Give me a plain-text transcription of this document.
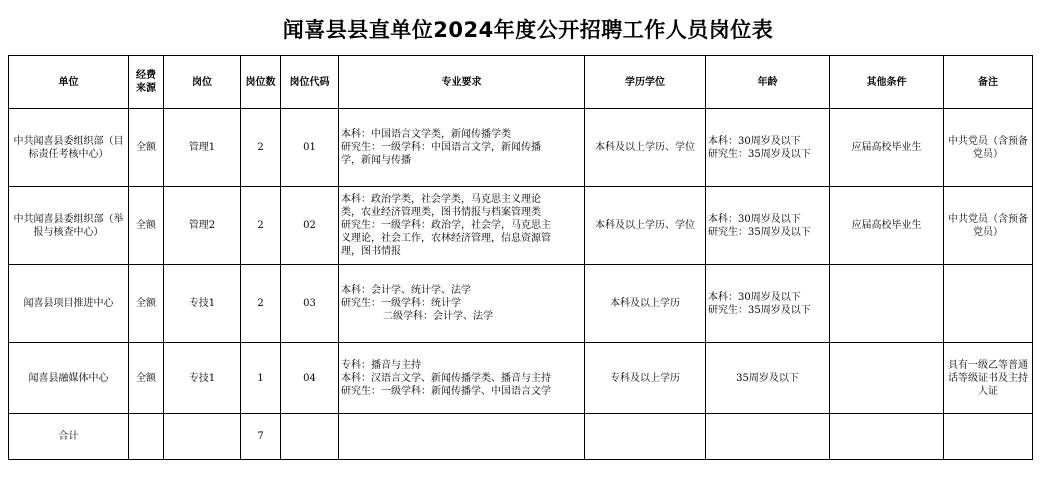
闻喜县县直单位2024年度公开招聘工作人员岗位表
单位	经费来源	岗位	岗位数	岗位代码	专业要求	学历学位	年龄	其他条件	备注
中共闻喜县委组织部（目标责任考核中心）	全额	管理1	2	01	本科：中国语言文学类，新闻传播学类
研究生：一级学科：中国语言文学，新闻传播
学，新闻与传播	本科及以上学历、学位	本科：30周岁及以下
研究生：35周岁及以下	应届高校毕业生	中共党员（含预备党员）
中共闻喜县委组织部（举报与核查中心）	全额	管理2	2	02	本科：政治学类，社会学类，马克思主义理论
类，农业经济管理类，图书情报与档案管理类
研究生：一级学科：政治学，社会学，马克思主
义理论，社会工作，农林经济管理，信息资源管
理，图书情报	本科及以上学历、学位	本科：30周岁及以下
研究生：35周岁及以下	应届高校毕业生	中共党员（含预备党员）
闻喜县项目推进中心	全额	专技1	2	03	本科：会计学、统计学、法学
研究生：一级学科：统计学
二级学科：会计学、法学	本科及以上学历	本科：30周岁及以下
研究生：35周岁及以下		

闻喜县融媒体中心	全额	专技1	1	04	专科：播音与主持
本科：汉语言文学、新闻传播学类、播音与主持
研究生：一级学科：新闻传播学、中国语言文学	专科及以上学历	35周岁及以下		具有一级乙等普通话等级证书及主持人证
合计			7						
